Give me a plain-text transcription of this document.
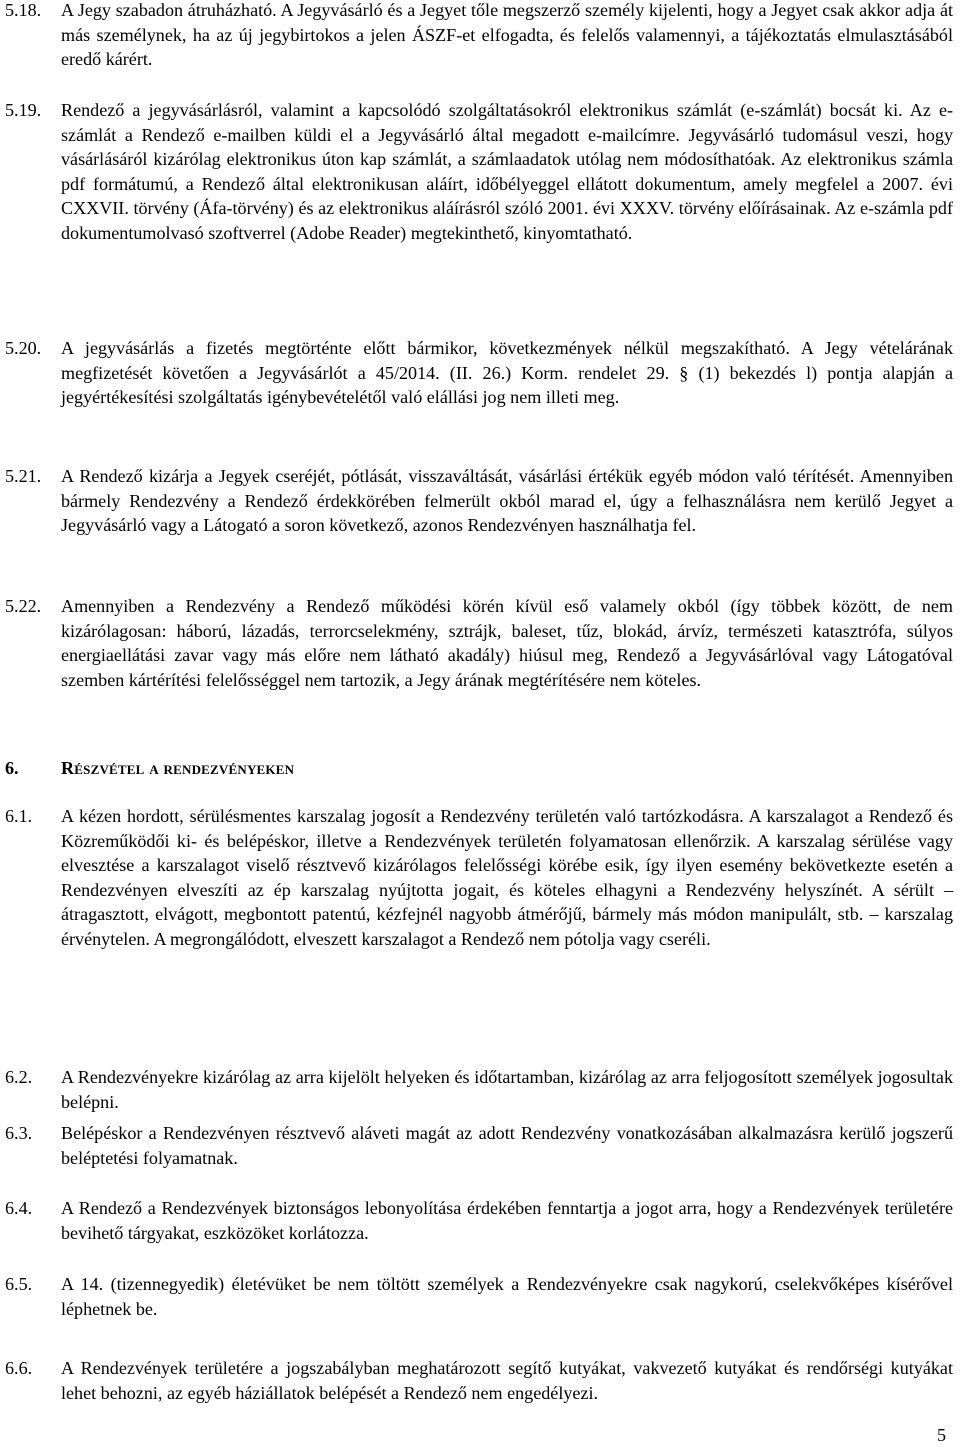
5.18. A Jegy szabadon átruházható. A Jegyvásárló és a Jegyet tőle megszerző személy kijelenti, hogy a Jegyet csak akkor adja át más személynek, ha az új jegybirtokos a jelen ÁSZF-et elfogadta, és felelős valamennyi, a tájékoztatás elmulasztásából eredő kárért.
5.19. Rendező a jegyvásárlásról, valamint a kapcsolódó szolgáltatásokról elektronikus számlát (e-számlát) bocsát ki. Az e-számlát a Rendező e-mailben küldi el a Jegyvásárló által megadott e-mailcímre. Jegyvásárló tudomásul veszi, hogy vásárlásáról kizárólag elektronikus úton kap számlát, a számlaadatok utólag nem módosíthatóak. Az elektronikus számla pdf formátumú, a Rendező által elektronikusan aláírt, időbélyeggel ellátott dokumentum, amely megfelel a 2007. évi CXXVII. törvény (Áfa-törvény) és az elektronikus aláírásról szóló 2001. évi XXXV. törvény előírásainak. Az e-számla pdf dokumentumolvasó szoftverrel (Adobe Reader) megtekinthető, kinyomtatható.
5.20. A jegyvásárlás a fizetés megtörténte előtt bármikor, következmények nélkül megszakítható. A Jegy vételárának megfizetését követően a Jegyvásárlót a 45/2014. (II. 26.) Korm. rendelet 29. § (1) bekezdés l) pontja alapján a jegyértékesítési szolgáltatás igénybevételétől való elállási jog nem illeti meg.
5.21. A Rendező kizárja a Jegyek cseréjét, pótlását, visszaváltását, vásárlási értékük egyéb módon való térítését. Amennyiben bármely Rendezvény a Rendező érdekkörében felmerült okból marad el, úgy a felhasználásra nem kerülő Jegyet a Jegyvásárló vagy a Látogató a soron következő, azonos Rendezvényen használhatja fel.
5.22. Amennyiben a Rendezvény a Rendező működési körén kívül eső valamely okból (így többek között, de nem kizárólagosan: háború, lázadás, terrorcselekmény, sztrájk, baleset, tűz, blokád, árvíz, természeti katasztrófa, súlyos energiaellátási zavar vagy más előre nem látható akadály) hiúsul meg, Rendező a Jegyvásárlóval vagy Látogatóval szemben kártérítési felelősséggel nem tartozik, a Jegy árának megtérítésére nem köteles.
6. Részvétel a rendezvényeken
6.1. A kézen hordott, sérülésmentes karszalag jogosít a Rendezvény területén való tartózkodásra. A karszalagot a Rendező és Közreműködői ki- és belépéskor, illetve a Rendezvények területén folyamatosan ellenőrzik. A karszalag sérülése vagy elvesztése a karszalagot viselő résztvevő kizárólagos felelősségi körébe esik, így ilyen esemény bekövetkezte esetén a Rendezvényen elveszíti az ép karszalag nyújtotta jogait, és köteles elhagyni a Rendezvény helyszínét. A sérült – átragasztott, elvágott, megbontott patentú, kézfejnél nagyobb átmérőjű, bármely más módon manipulált, stb. – karszalag érvénytelen. A megrongálódott, elveszett karszalagot a Rendező nem pótolja vagy cseréli.
6.2. A Rendezvényekre kizárólag az arra kijelölt helyeken és időtartamban, kizárólag az arra feljogosított személyek jogosultak belépni.
6.3. Belépéskor a Rendezvényen résztvevő aláveti magát az adott Rendezvény vonatkozásában alkalmazásra kerülő jogszerű beléptetési folyamatnak.
6.4. A Rendező a Rendezvények biztonságos lebonyolítása érdekében fenntartja a jogot arra, hogy a Rendezvények területére bevihető tárgyakat, eszközöket korlátozza.
6.5. A 14. (tizennegyedik) életévüket be nem töltött személyek a Rendezvényekre csak nagykorú, cselekvőképes kísérővel léphetnek be.
6.6. A Rendezvények területére a jogszabályban meghatározott segítő kutyákat, vakvezető kutyákat és rendőrségi kutyákat lehet behozni, az egyéb háziállatok belépését a Rendező nem engedélyezi.
5
